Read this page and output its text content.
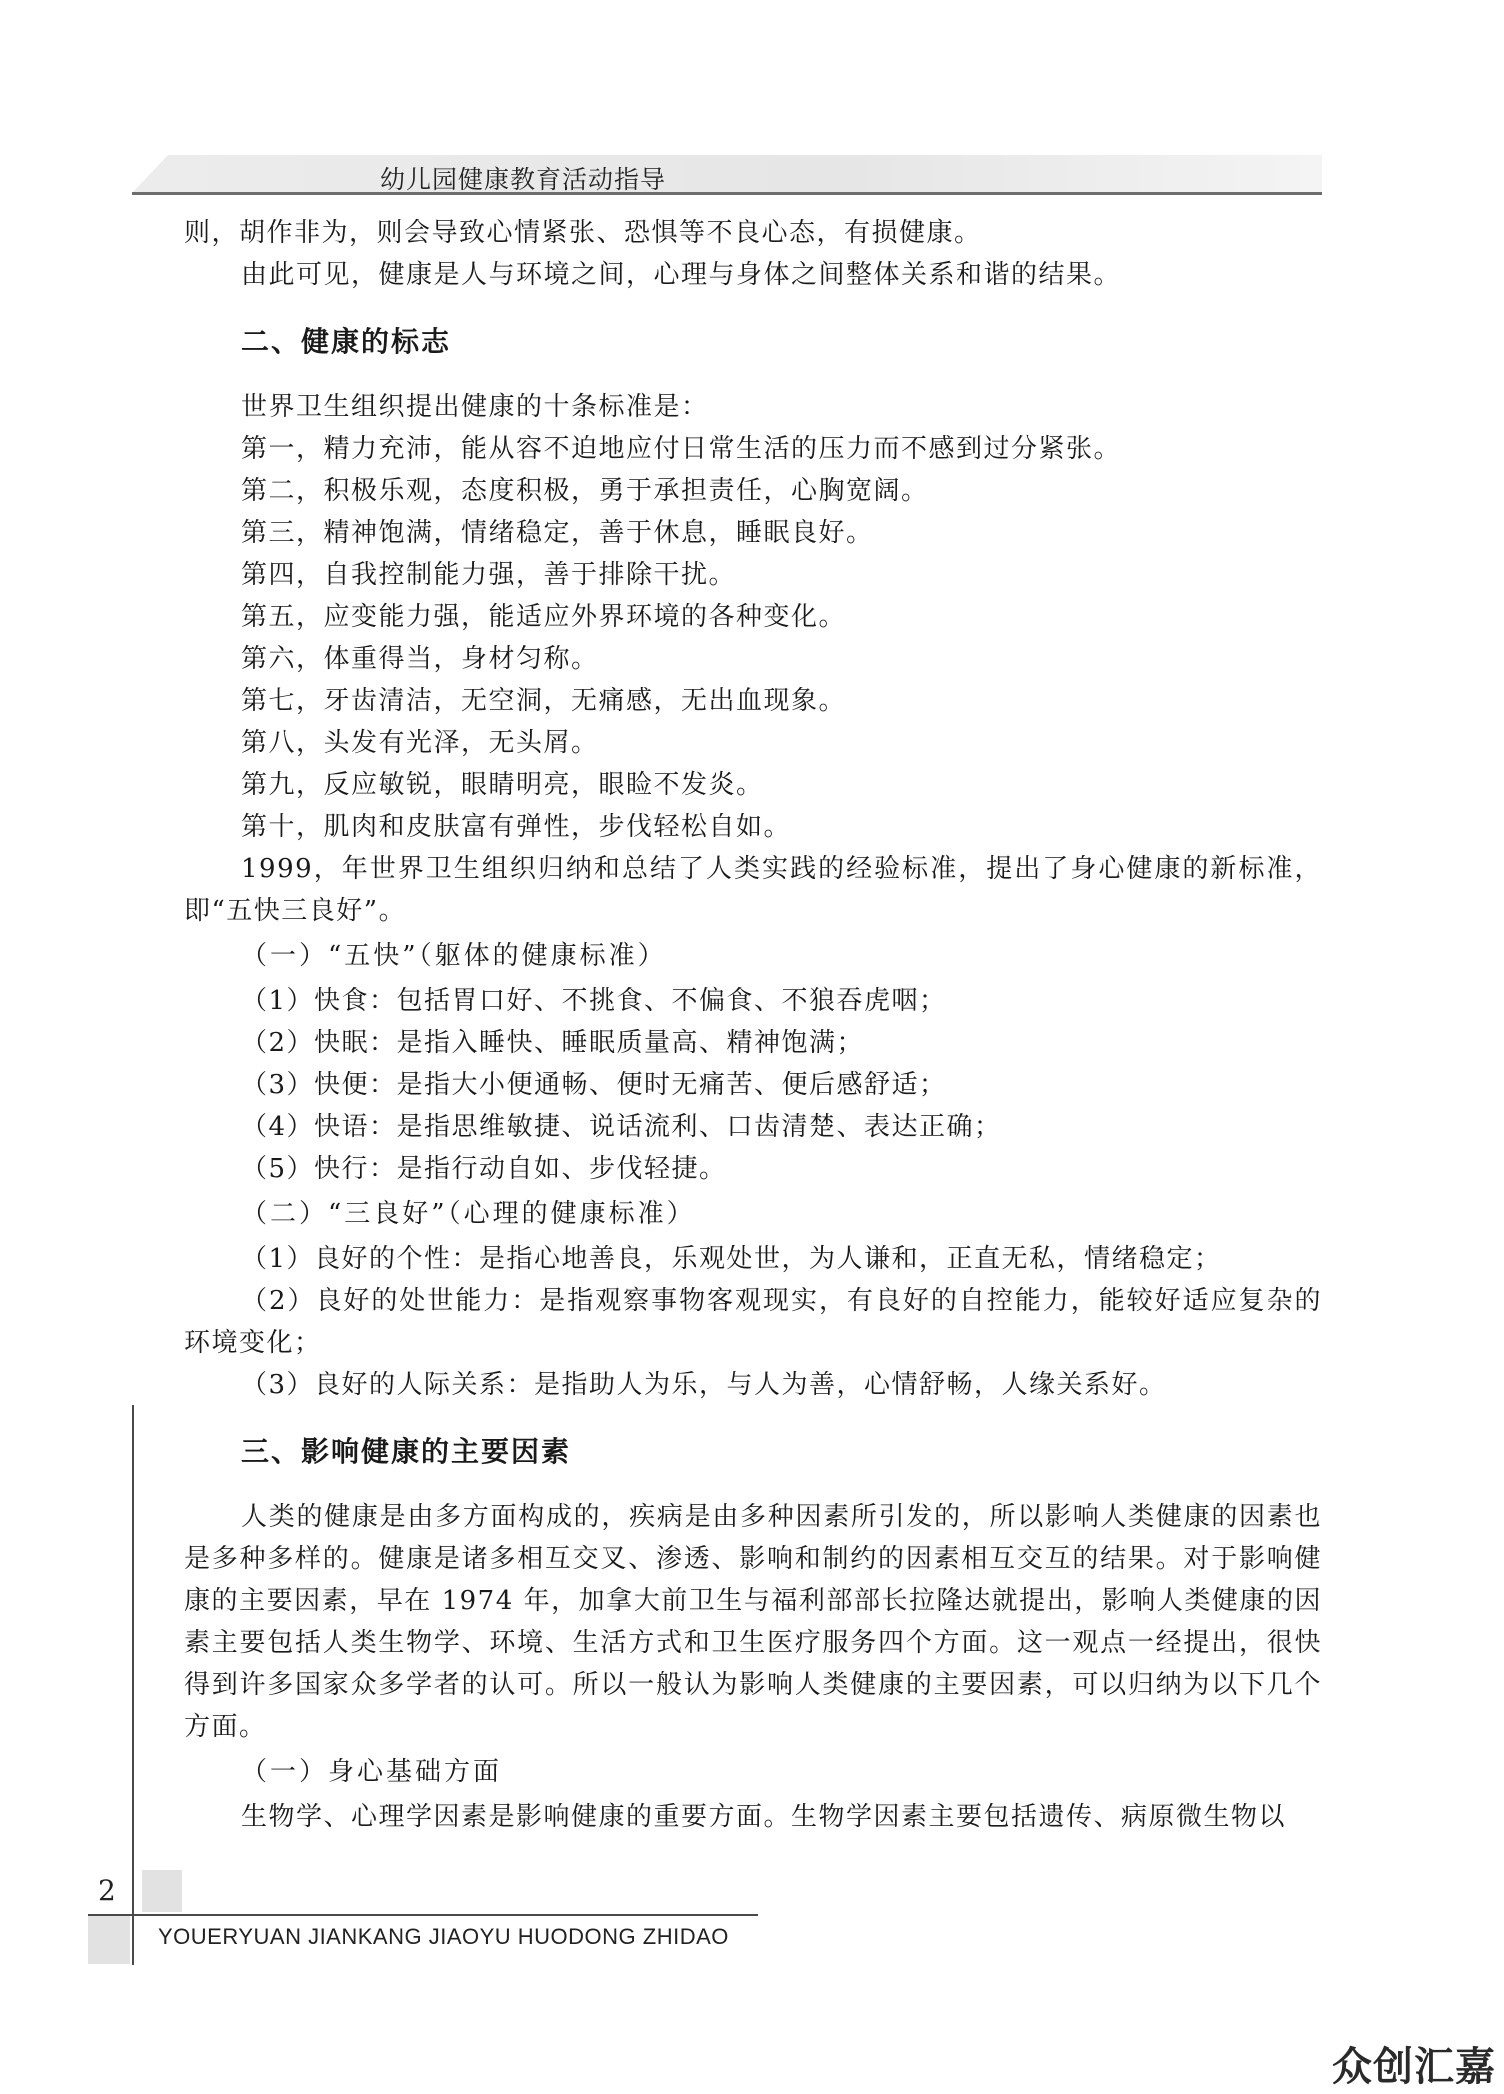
幼儿园健康教育活动指导

则，胡作非为，则会导致心情紧张、恐惧等不良心态，有损健康。

由此可见，健康是人与环境之间，心理与身体之间整体关系和谐的结果。

二、健康的标志

世界卫生组织提出健康的十条标准是：

第一，精力充沛，能从容不迫地应付日常生活的压力而不感到过分紧张。

第二，积极乐观，态度积极，勇于承担责任，心胸宽阔。

第三，精神饱满，情绪稳定，善于休息，睡眠良好。

第四，自我控制能力强，善于排除干扰。

第五，应变能力强，能适应外界环境的各种变化。

第六，体重得当，身材匀称。

第七，牙齿清洁，无空洞，无痛感，无出血现象。

第八，头发有光泽，无头屑。

第九，反应敏锐，眼睛明亮，眼睑不发炎。

第十，肌肉和皮肤富有弹性，步伐轻松自如。

1999，年世界卫生组织归纳和总结了人类实践的经验标准，提出了身心健康的新标准，即“五快三良好”。

（一）“五快”（躯体的健康标准）

（1）快食：包括胃口好、不挑食、不偏食、不狼吞虎咽；

（2）快眠：是指入睡快、睡眠质量高、精神饱满；

（3）快便：是指大小便通畅、便时无痛苦、便后感舒适；

（4）快语：是指思维敏捷、说话流利、口齿清楚、表达正确；

（5）快行：是指行动自如、步伐轻捷。

（二）“三良好”（心理的健康标准）

（1）良好的个性：是指心地善良，乐观处世，为人谦和，正直无私，情绪稳定；

（2）良好的处世能力：是指观察事物客观现实，有良好的自控能力，能较好适应复杂的环境变化；

（3）良好的人际关系：是指助人为乐，与人为善，心情舒畅，人缘关系好。

三、影响健康的主要因素

人类的健康是由多方面构成的，疾病是由多种因素所引发的，所以影响人类健康的因素也是多种多样的。健康是诸多相互交叉、渗透、影响和制约的因素相互交互的结果。对于影响健康的主要因素，早在 1974 年，加拿大前卫生与福利部部长拉隆达就提出，影响人类健康的因素主要包括人类生物学、环境、生活方式和卫生医疗服务四个方面。这一观点一经提出，很快得到许多国家众多学者的认可。所以一般认为影响人类健康的主要因素，可以归纳为以下几个方面。

（一）身心基础方面

生物学、心理学因素是影响健康的重要方面。生物学因素主要包括遗传、病原微生物以

2
YOUERYUAN JIANKANG JIAOYU HUODONG ZHIDAO
众创汇嘉
